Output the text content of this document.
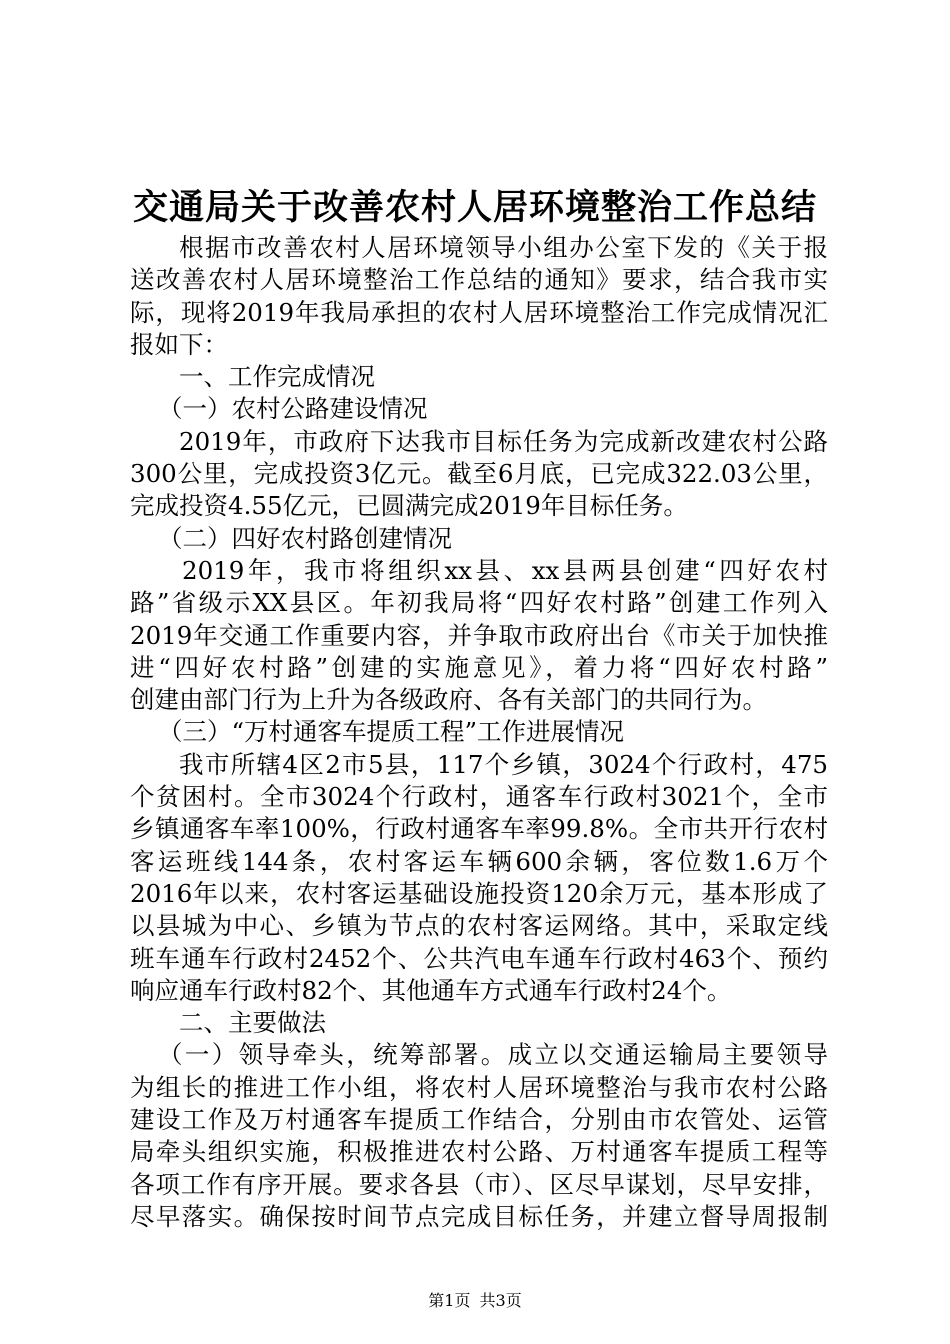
交通局关于改善农村人居环境整治工作总结
根据市改善农村人居环境领导小组办公室下发的《关于报
送改善农村人居环境整治工作总结的通知》要求，结合我市实
际，现将2019年我局承担的农村人居环境整治工作完成情况汇
报如下：
一、工作完成情况
（一）农村公路建设情况
2019年，市政府下达我市目标任务为完成新改建农村公路
300公里，完成投资3亿元。截至6月底，已完成322.03公里，
完成投资4.55亿元，已圆满完成2019年目标任务。
（二）四好农村路创建情况
2019年，我市将组织xx县、xx县两县创建“四好农村
路”省级示XX县区。年初我局将“四好农村路”创建工作列入
2019年交通工作重要内容，并争取市政府出台《市关于加快推
进“四好农村路”创建的实施意见》，着力将“四好农村路”
创建由部门行为上升为各级政府、各有关部门的共同行为。
（三）“万村通客车提质工程”工作进展情况
我市所辖4区2市5县，117个乡镇，3024个行政村，475
个贫困村。全市3024个行政村，通客车行政村3021个，全市
乡镇通客车率100%，行政村通客车率99.8%。全市共开行农村
客运班线144条，农村客运车辆600余辆，客位数1.6万个
2016年以来，农村客运基础设施投资120余万元，基本形成了
以县城为中心、乡镇为节点的农村客运网络。其中，采取定线
班车通车行政村2452个、公共汽电车通车行政村463个、预约
响应通车行政村82个、其他通车方式通车行政村24个。
二、主要做法
（一）领导牵头，统筹部署。成立以交通运输局主要领导
为组长的推进工作小组，将农村人居环境整治与我市农村公路
建设工作及万村通客车提质工作结合，分别由市农管处、运管
局牵头组织实施，积极推进农村公路、万村通客车提质工程等
各项工作有序开展。要求各县（市）、区尽早谋划，尽早安排，
尽早落实。确保按时间节点完成目标任务，并建立督导周报制
第1页 共3页
